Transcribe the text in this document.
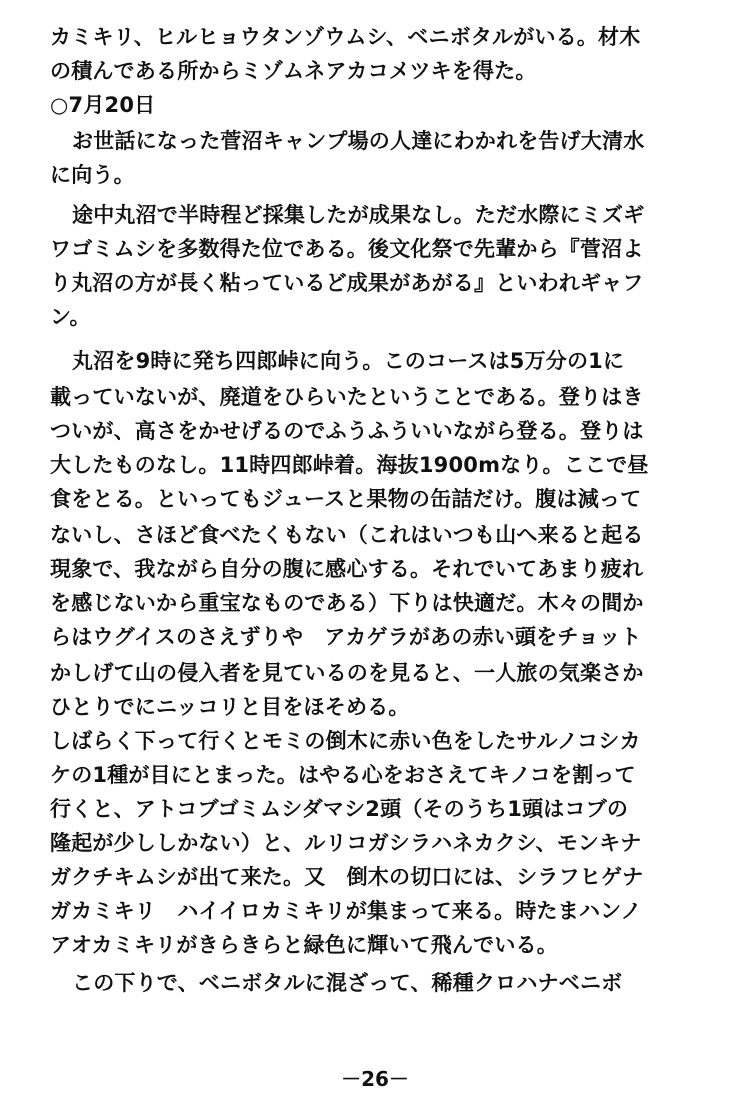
カミキリ、ヒルヒョウタンゾウムシ、ベニボタルがいる。材木
の積んである所からミゾムネアカコメツキを得た。
○7月20日
お世話になった菅沼キャンプ場の人達にわかれを告げ大清水
に向う。
途中丸沼で半時程ど採集したが成果なし。ただ水際にミズギ
ワゴミムシを多数得た位である。後文化祭で先輩から『菅沼よ
り丸沼の方が長く粘っているど成果があがる』といわれギャフ
ン。
丸沼を9時に発ち四郎峠に向う。このコースは5万分の1に
載っていないが、廃道をひらいたということである。登りはき
ついが、高さをかせげるのでふうふういいながら登る。登りは
大したものなし。11時四郎峠着。海抜1900mなり。ここで昼
食をとる。といってもジュースと果物の缶詰だけ。腹は減って
ないし、さほど食べたくもない（これはいつも山へ来ると起る
現象で、我ながら自分の腹に感心する。それでいてあまり疲れ
を感じないから重宝なものである）下りは快適だ。木々の間か
らはウグイスのさえずりや　アカゲラがあの赤い頭をチョット
かしげて山の侵入者を見ているのを見ると、一人旅の気楽さか
ひとりでにニッコリと目をほそめる。
しばらく下って行くとモミの倒木に赤い色をしたサルノコシカ
ケの1種が目にとまった。はやる心をおさえてキノコを割って
行くと、アトコブゴミムシダマシ2頭（そのうち1頭はコブの
隆起が少ししかない）と、ルリコガシラハネカクシ、モンキナ
ガクチキムシが出て来た。又　倒木の切口には、シラフヒゲナ
ガカミキリ　ハイイロカミキリが集まって来る。時たまハンノ
アオカミキリがきらきらと緑色に輝いて飛んでいる。
この下りで、ベニボタルに混ざって、稀種クロハナベニボ
－26－
